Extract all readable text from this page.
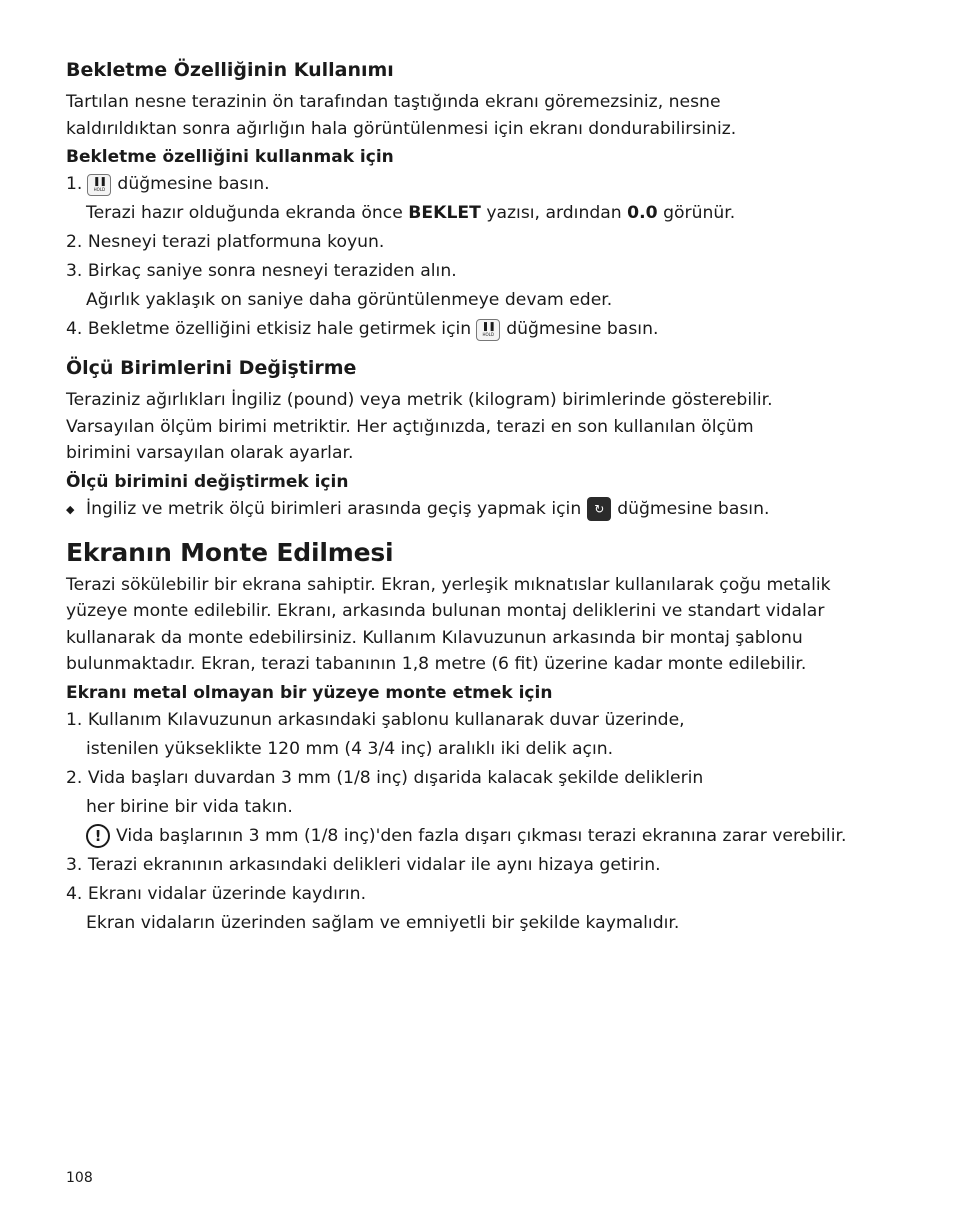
Bekletme Özelliğinin Kullanımı
Tartılan nesne terazinin ön tarafından taştığında ekranı göremezsiniz, nesne
kaldırıldıktan sonra ağırlığın hala görüntülenmesi için ekranı dondurabilirsiniz.
Bekletme özelliğini kullanmak için
1. ❚❚
HOLD düğmesine basın.
Terazi hazır olduğunda ekranda önce BEKLET yazısı, ardından 0.0 görünür.
2. Nesneyi terazi platformuna koyun.
3. Birkaç saniye sonra nesneyi teraziden alın.
Ağırlık yaklaşık on saniye daha görüntülenmeye devam eder.
4. Bekletme özelliğini etkisiz hale getirmek için ❚❚
HOLD düğmesine basın.
Ölçü Birimlerini Değiştirme
Teraziniz ağırlıkları İngiliz (pound) veya metrik (kilogram) birimlerinde gösterebilir.
Varsayılan ölçüm birimi metriktir. Her açtığınızda, terazi en son kullanılan ölçüm
birimini varsayılan olarak ayarlar.
Ölçü birimini değiştirmek için
◆ İngiliz ve metrik ölçü birimleri arasında geçiş yapmak için	↻ düğmesine basın.
Ekranın Monte Edilmesi
Terazi sökülebilir bir ekrana sahiptir. Ekran, yerleşik mıknatıslar kullanılarak çoğu metalik
yüzeye monte edilebilir. Ekranı, arkasında bulunan montaj deliklerini ve standart vidalar
kullanarak da monte edebilirsiniz. Kullanım Kılavuzunun arkasında bir montaj şablonu
bulunmaktadır. Ekran, terazi tabanının 1,8 metre (6 fit) üzerine kadar monte edilebilir.
Ekranı metal olmayan bir yüzeye monte etmek için
1. Kullanım Kılavuzunun arkasındaki şablonu kullanarak duvar üzerinde,
istenilen yükseklikte 120 mm (4 3/4 inç) aralıklı iki delik açın.
2. Vida başları duvardan 3 mm (1/8 inç) dışarida kalacak şekilde deliklerin
her birine bir vida takın.
! Vida başlarının 3 mm (1/8 inç)'den fazla dışarı çıkması terazi ekranına zarar verebilir.
3. Terazi ekranının arkasındaki delikleri vidalar ile aynı hizaya getirin.
4. Ekranı vidalar üzerinde kaydırın.
Ekran vidaların üzerinden sağlam ve emniyetli bir şekilde kaymalıdır.
108
